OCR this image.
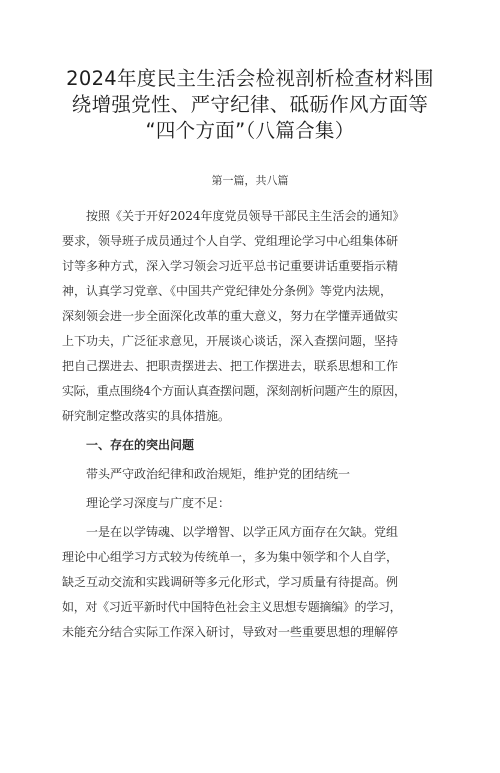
2024年度民主生活会检视剖析检查材料围
绕增强党性、严守纪律、砥砺作风方面等
“四个方面”（八篇合集）
第一篇，共八篇

按照《关于开好2024年度党员领导干部民主生活会的通知》
要求，领导班子成员通过个人自学、党组理论学习中心组集体研
讨等多种方式，深入学习领会习近平总书记重要讲话重要指示精
神，认真学习党章、《中国共产党纪律处分条例》等党内法规，
深刻领会进一步全面深化改革的重大意义，努力在学懂弄通做实
上下功夫，广泛征求意见，开展谈心谈话，深入查摆问题，坚持
把自己摆进去、把职责摆进去、把工作摆进去，联系思想和工作
实际，重点围绕4个方面认真查摆问题，深刻剖析问题产生的原因，
研究制定整改落实的具体措施。

一、存在的突出问题

带头严守政治纪律和政治规矩，维护党的团结统一

理论学习深度与广度不足：

一是在以学铸魂、以学增智、以学正风方面存在欠缺。党组
理论中心组学习方式较为传统单一，多为集中领学和个人自学，
缺乏互动交流和实践调研等多元化形式，学习质量有待提高。例
如，对《习近平新时代中国特色社会主义思想专题摘编》的学习，
未能充分结合实际工作深入研讨，导致对一些重要思想的理解停
